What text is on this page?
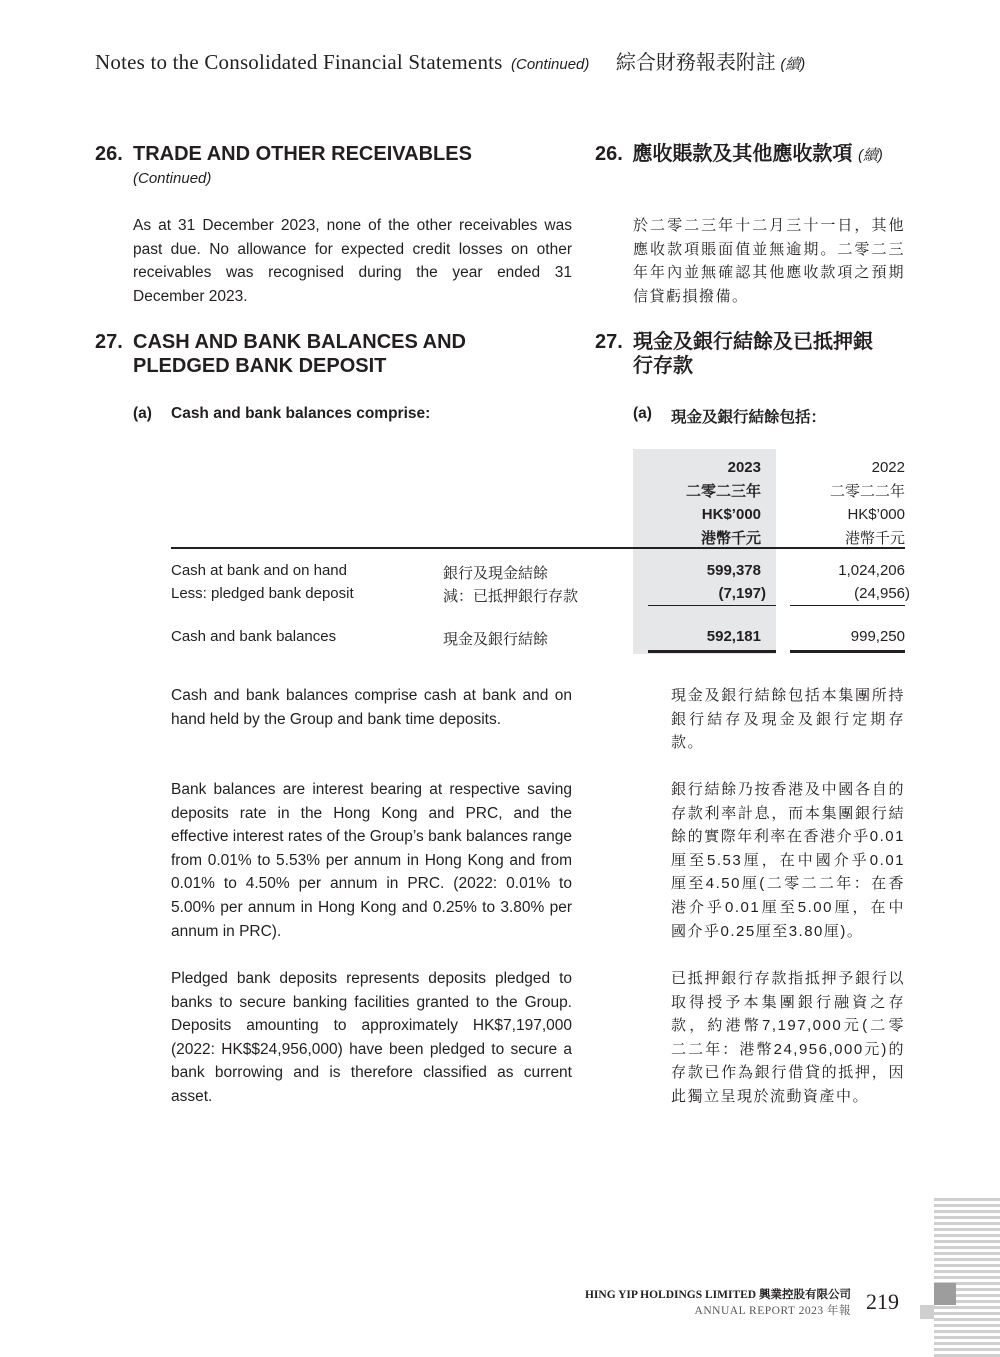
Notes to the Consolidated Financial Statements (Continued) 綜合財務報表附註 (續)
26. TRADE AND OTHER RECEIVABLES
(Continued)
As at 31 December 2023, none of the other receivables was past due. No allowance for expected credit losses on other receivables was recognised during the year ended 31 December 2023.
26. 應收賬款及其他應收款項 (續)
於二零二三年十二月三十一日，其他應收款項賬面值並無逾期。二零二三年年內並無確認其他應收款項之預期信貸虧損撥備。
27. CASH AND BANK BALANCES AND
PLEDGED BANK DEPOSIT
27. 現金及銀行結餘及已抵押銀
行存款
(a) Cash and bank balances comprise:	(a) 現金及銀行結餘包括：
2023
二零二三年
HK$’000
港幣千元
2022
二零二二年
HK$’000
港幣千元
Cash at bank and on hand	銀行及現金結餘	599,378	1,024,206
Less: pledged bank deposit	減：已抵押銀行存款	(7,197)	(24,956)
Cash and bank balances	現金及銀行結餘	592,181	999,250
Cash and bank balances comprise cash at bank and on hand held by the Group and bank time deposits.
現金及銀行結餘包括本集團所持銀行結存及現金及銀行定期存款。
Bank balances are interest bearing at respective saving deposits rate in the Hong Kong and PRC, and the effective interest rates of the Group’s bank balances range from 0.01% to 5.53% per annum in Hong Kong and from 0.01% to 4.50% per annum in PRC. (2022: 0.01% to 5.00% per annum in Hong Kong and 0.25% to 3.80% per annum in PRC).
銀行結餘乃按香港及中國各自的存款利率計息，而本集團銀行結餘的實際年利率在香港介乎0.01厘至5.53厘，在中國介乎0.01厘至4.50厘(二零二二年：在香港介乎0.01厘至5.00厘，在中國介乎0.25厘至3.80厘)。
Pledged bank deposits represents deposits pledged to banks to secure banking facilities granted to the Group. Deposits amounting to approximately HK$7,197,000 (2022: HK$$24,956,000) have been pledged to secure a bank borrowing and is therefore classified as current asset.
已抵押銀行存款指抵押予銀行以取得授予本集團銀行融資之存款，約港幣7,197,000元(二零二二年：港幣24,956,000元)的存款已作為銀行借貸的抵押，因此獨立呈現於流動資產中。
HING YIP HOLDINGS LIMITED 興業控股有限公司
ANNUAL REPORT 2023 年報 219
